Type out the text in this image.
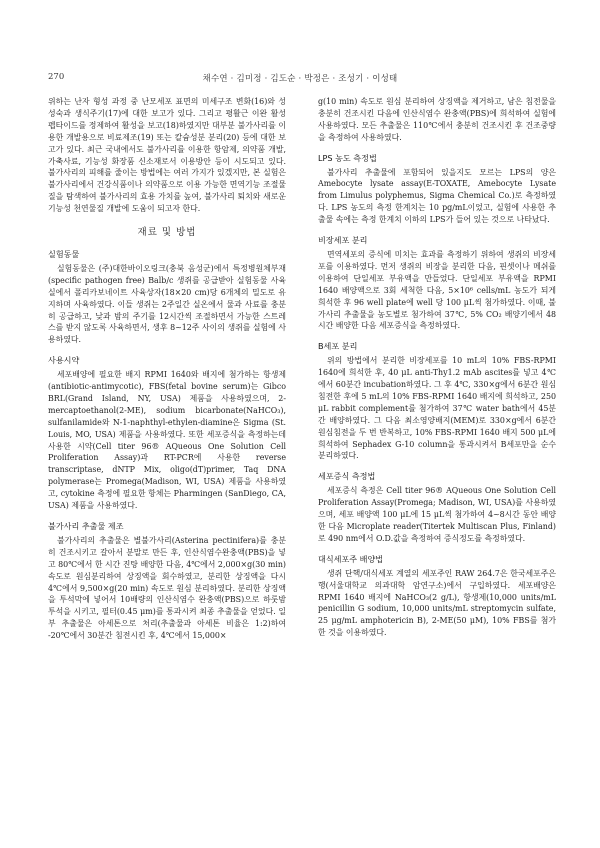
270	채수연 · 김미정 · 김도순 · 박정은 · 조성기 · 이성태

위하는 난자 형성 과정 중 난모세포 표면의 미세구조 변화(16)와 성 성숙과 생식주기(17)에 대한 보고가 있다. 그리고 평활근 이완 활성 펩타이드를 정제하여 활성을 보고(18)하였지만 대부분 불가사리를 이용한 개발용으로 비료제조(19) 또는 칼슘성분 분리(20) 등에 대한 보고가 있다. 최근 국내에서도 불가사리를 이용한 항암제, 의약품 개발, 가축사료, 기능성 화장품 신소재로서 이용방안 등이 시도되고 있다. 불가사리의 피해를 줄이는 방법에는 여러 가지가 있겠지만, 본 실험은 불가사리에서 건강식품이나 의약품으로 이용 가능한 면역기능 조절물질을 탐색하여 불가사리의 효용 가치를 높여, 불가사리 퇴치와 새로운 기능성 천연물질 개발에 도움이 되고자 한다.

재료 및 방법
실험동물

실험동물은 (주)대한바이오링크(충북 음성군)에서 특정병원체부재(specific pathogen free) Balb/c 생쥐를 공급받아 실험동물 사육실에서 폴리카보네이트 사육상자(18×20 cm)당 6개체의 밀도로 유지하며 사육하였다. 이들 생쥐는 2주일간 실온에서 물과 사료를 충분히 공급하고, 낮과 밤의 주기를 12시간씩 조절하면서 가능한 스트레스를 받지 않도록 사육하면서, 생후 8~12주 사이의 생쥐를 실험에 사용하였다.

사용시약

세포배양에 필요한 배지 RPMI 1640와 배지에 첨가하는 항생제(antibiotic-antimycotic), FBS(fetal bovine serum)는 Gibco BRL(Grand Island, NY, USA) 제품을 사용하였으며, 2-mercaptoethanol(2-ME), sodium bicarbonate(NaHCO₃), sulfanilamide와 N-1-naphthyl-ethylen-diamine은 Sigma (St. Louis, MO, USA) 제품을 사용하였다. 또한 세포증식을 측정하는데 사용한 시약(Cell titer 96® AQueous One Solution Cell Proliferation Assay)과 RT-PCR에 사용한 reverse transcriptase, dNTP Mix, oligo(dT)primer, Taq DNA polymerase는 Promega(Madison, WI, USA) 제품을 사용하였고, cytokine 측정에 필요한 항체는 Pharmingen (SanDiego, CA, USA) 제품을 사용하였다.

불가사리 추출물 제조

불가사리의 추출물은 별불가사리(Asterina pectinifera)를 충분히 건조시키고 갈아서 분말로 만든 후, 인산식염수완충액(PBS)을 넣고 80℃에서 한 시간 진탕 배양한 다음, 4℃에서 2,000×g(30 min) 속도로 원심분리하여 상징액을 회수하였고, 분리한 상징액을 다시 4℃에서 9,500×g(20 min) 속도로 원심 분리하였다. 분리한 상징액을 투석막에 넣어서 10배량의 인산식염수 완충액(PBS)으로 하룻밤 투석을 시키고, 필터(0.45 μm)를 통과시켜 최종 추출물을 얻었다. 일부 추출물은 아세톤으로 처리(추출물과 아세톤 비율은 1:2)하여 -20℃에서 30분간 침전시킨 후, 4℃에서 15,000×

g(10 min) 속도로 원심 분리하여 상징액을 제거하고, 남은 침전물을 충분히 건조시킨 다음에 인산식염수 완충액(PBS)에 희석하여 실험에 사용하였다. 모든 추출물은 110℃에서 충분히 건조시킨 후 건조중량을 측정하여 사용하였다.

LPS 농도 측정법

불가사리 추출물에 포함되어 있을지도 모르는 LPS의 양은 Amebocyte lysate assay(E-TOXATE, Amebocyte Lysate from Limulus polyphemus, Sigma Chemical Co.)로 측정하였다. LPS 농도의 측정 한계치는 10 pg/mL이었고, 실험에 사용한 추출물 속에는 측정 한계치 이하의 LPS가 들어 있는 것으로 나타났다.

비장세포 분리

면역세포의 증식에 미치는 효과를 측정하기 위하여 생쥐의 비장세포를 이용하였다. 먼저 생쥐의 비장을 분리한 다음, 핀셋이나 메쉬를 이용하여 단일세포 부유액을 만들었다. 단일세포 부유액을 RPMI 1640 배양액으로 3회 세척한 다음, 5×10⁶ cells/mL 농도가 되게 희석한 후 96 well plate에 well 당 100 μL씩 첨가하였다. 이때, 불가사리 추출물을 농도별로 첨가하여 37℃, 5% CO₂ 배양기에서 48시간 배양한 다음 세포증식을 측정하였다.

B세포 분리

위의 방법에서 분리한 비장세포를 10 mL의 10% FBS-RPMI 1640에 희석한 후, 40 μL anti-Thy1.2 mAb ascites를 넣고 4℃에서 60분간 incubation하였다. 그 후 4℃, 330×g에서 6분간 원심침전한 후에 5 mL의 10% FBS-RPMI 1640 배지에 희석하고, 250 μL rabbit complement를 첨가하여 37℃ water bath에서 45분간 배양하였다. 그 다음 최소영양배지(MEM)로 330×g에서 6분간 원심침전을 두 번 반복하고, 10% FBS-RPMI 1640 배지 500 μL에 희석하여 Sephadex G-10 column을 통과시켜서 B세포만을 순수 분리하였다.

세포증식 측정법

세포증식 측정은 Cell titer 96® AQueous One Solution Cell Proliferation Assay(Promega; Madison, WI, USA)를 사용하였으며, 세포 배양액 100 μL에 15 μL씩 첨가하여 4~8시간 동안 배양한 다음 Microplate reader(Titertek Multiscan Plus, Finland)로 490 nm에서 O.D.값을 측정하여 증식정도를 측정하였다.

대식세포주 배양법

생쥐 단핵/대식세포 계열의 세포주인 RAW 264.7은 한국세포주은행(서울대학교 의과대학 암연구소)에서 구입하였다. 세포배양은 RPMI 1640 배지에 NaHCO₃(2 g/L), 항생제(10,000 units/mL penicillin G sodium, 10,000 units/mL streptomycin sulfate, 25 μg/mL amphotericin B), 2-ME(50 μM), 10% FBS를 첨가한 것을 이용하였다.
